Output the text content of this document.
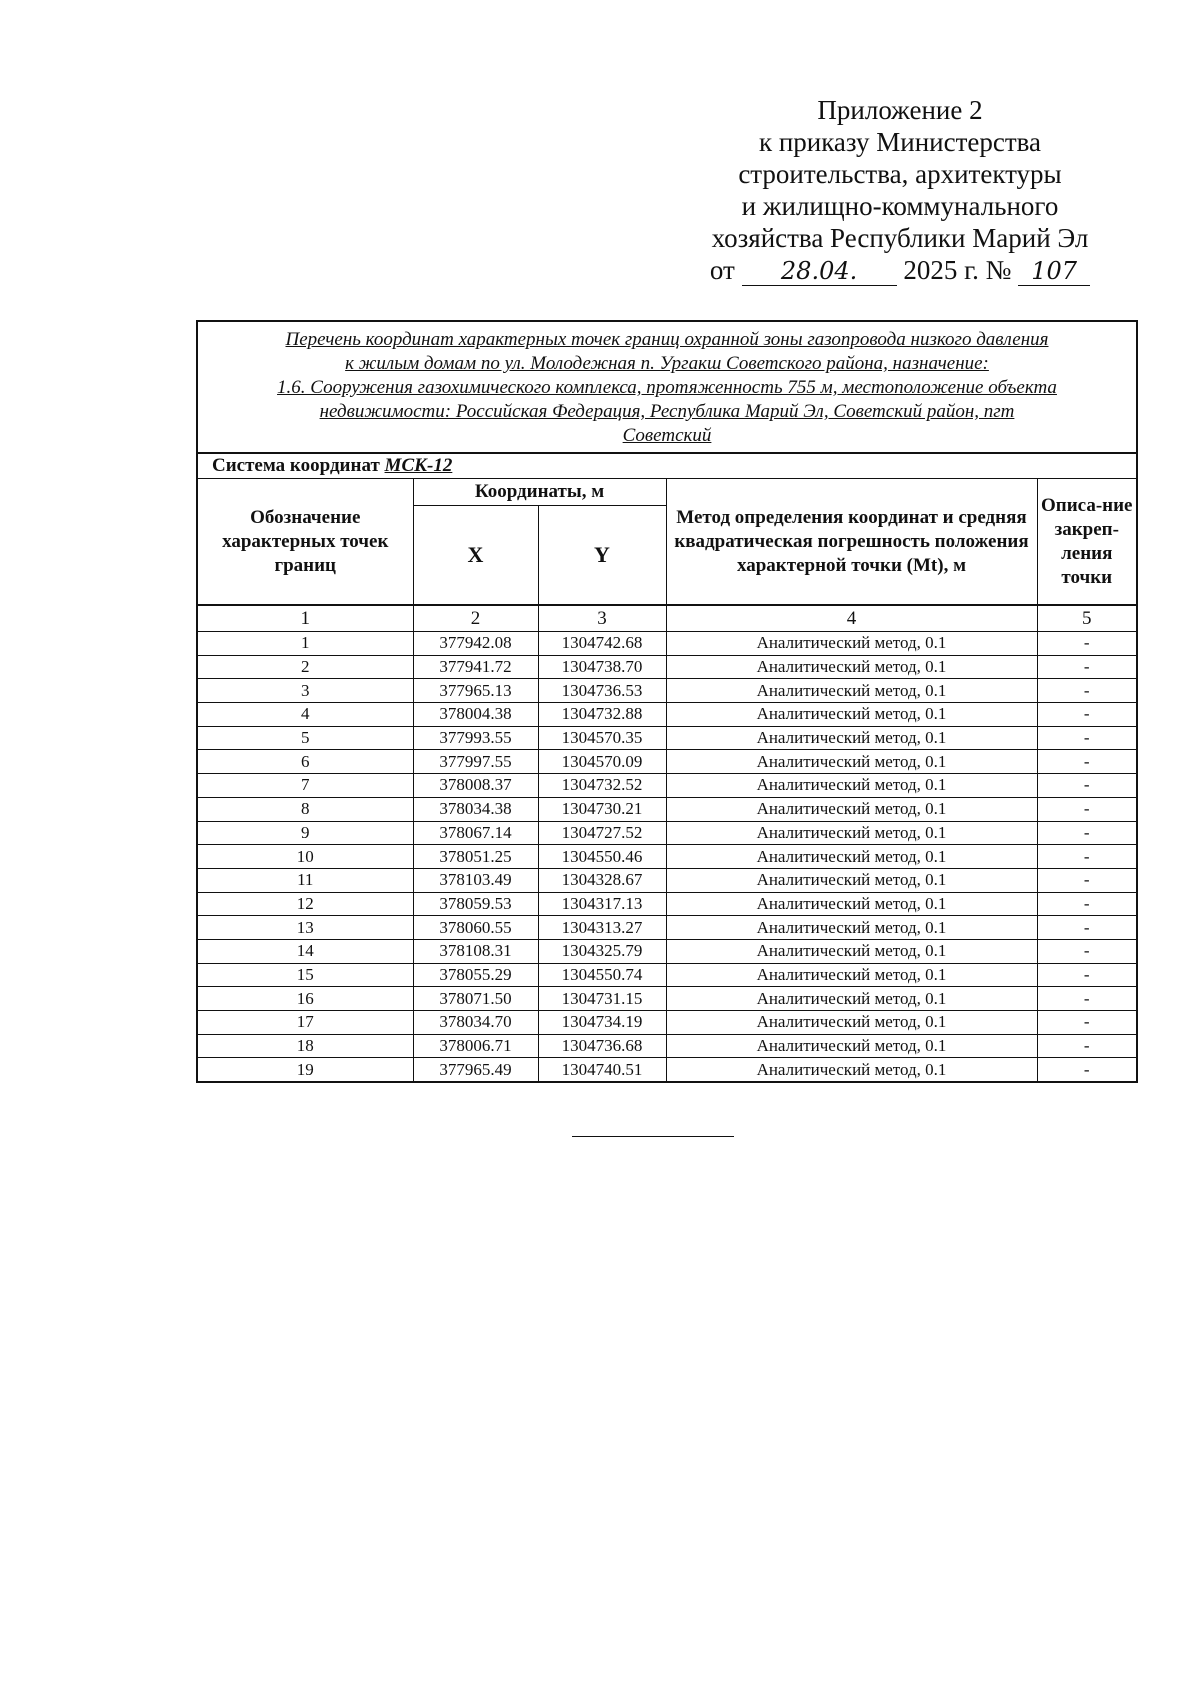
Приложение 2
к приказу Министерства
строительства, архитектуры
и жилищно-коммунального
хозяйства Республики Марий Эл
от 28.04. 2025 г. № 107
Перечень координат характерных точек границ охранной зоны газопровода низкого давления
к жилым домам по ул. Молодежная п. Ургакш Советского района, назначение:
1.6. Сооружения газохимического комплекса, протяженность 755 м, местоположение объекта
недвижимости: Российская Федерация, Республика Марий Эл, Советский район, пгт
Советский				

Система координат МСК-12				
Обозначение характерных точек границ	Координаты, м		Метод определения координат и средняя квадратическая погрешность положения характерной точки (Mt), м	Описа-ние закреп-ления точки
	X	Y		
1	2	3	4	5
1	377942.08	1304742.68	Аналитический метод, 0.1	-
2	377941.72	1304738.70	Аналитический метод, 0.1	-
3	377965.13	1304736.53	Аналитический метод, 0.1	-
4	378004.38	1304732.88	Аналитический метод, 0.1	-
5	377993.55	1304570.35	Аналитический метод, 0.1	-
6	377997.55	1304570.09	Аналитический метод, 0.1	-
7	378008.37	1304732.52	Аналитический метод, 0.1	-
8	378034.38	1304730.21	Аналитический метод, 0.1	-
9	378067.14	1304727.52	Аналитический метод, 0.1	-
10	378051.25	1304550.46	Аналитический метод, 0.1	-
11	378103.49	1304328.67	Аналитический метод, 0.1	-
12	378059.53	1304317.13	Аналитический метод, 0.1	-
13	378060.55	1304313.27	Аналитический метод, 0.1	-
14	378108.31	1304325.79	Аналитический метод, 0.1	-
15	378055.29	1304550.74	Аналитический метод, 0.1	-
16	378071.50	1304731.15	Аналитический метод, 0.1	-
17	378034.70	1304734.19	Аналитический метод, 0.1	-
18	378006.71	1304736.68	Аналитический метод, 0.1	-
19	377965.49	1304740.51	Аналитический метод, 0.1	-
